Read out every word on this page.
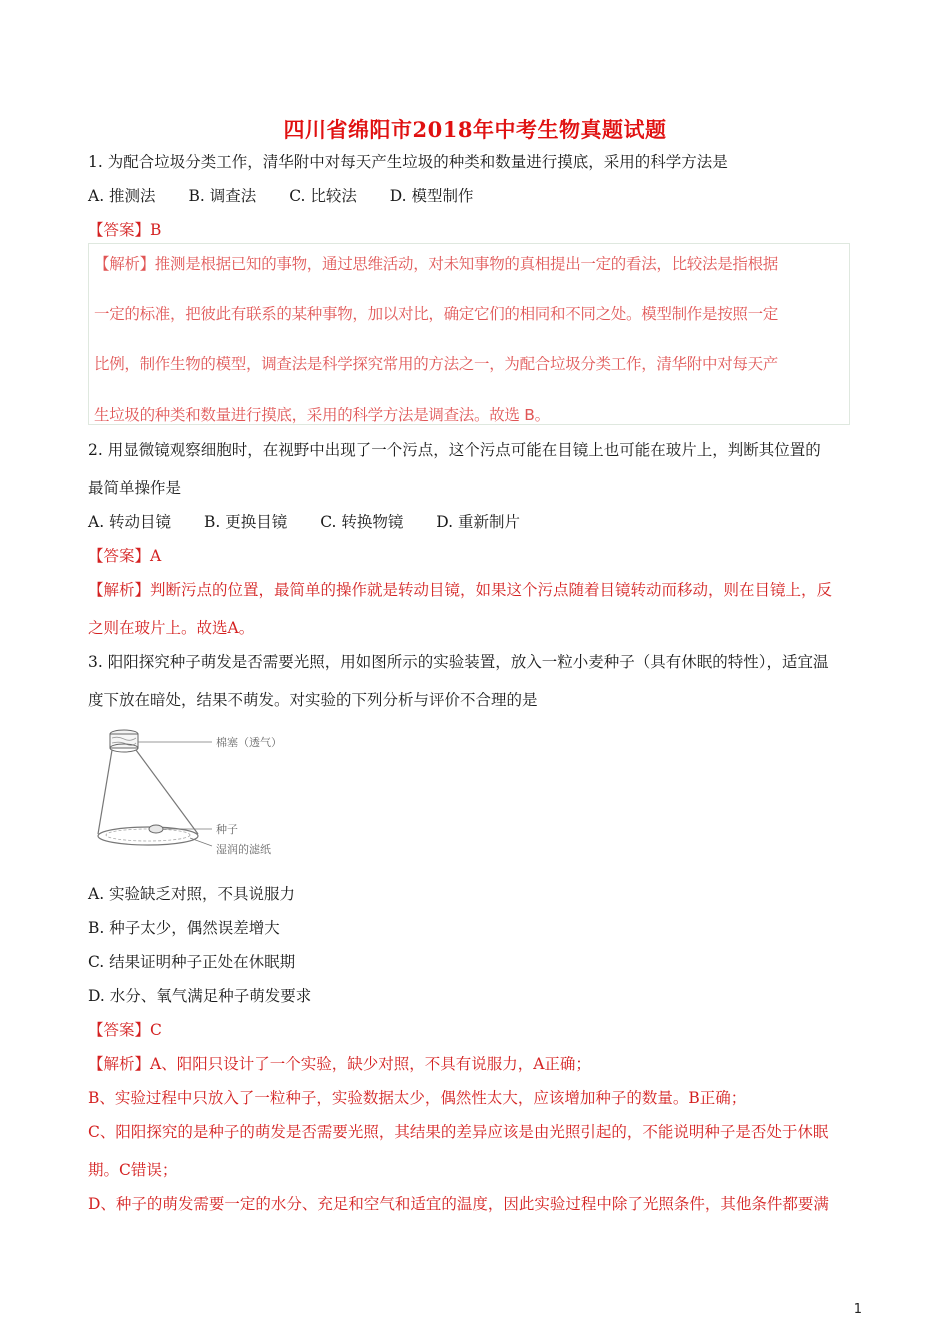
四川省绵阳市2018年中考生物真题试题
1. 为配合垃圾分类工作，清华附中对每天产生垃圾的种类和数量进行摸底，采用的科学方法是
A. 推测法 B. 调查法 C. 比较法 D. 模型制作
【答案】B
【解析】推测是根据已知的事物，通过思维活动，对未知事物的真相提出一定的看法，比较法是指根据
一定的标准，把彼此有联系的某种事物，加以对比，确定它们的相同和不同之处。模型制作是按照一定
比例，制作生物的模型，调查法是科学探究常用的方法之一，为配合垃圾分类工作，清华附中对每天产
生垃圾的种类和数量进行摸底，采用的科学方法是调查法。故选 B。
2. 用显微镜观察细胞时，在视野中出现了一个污点，这个污点可能在目镜上也可能在玻片上，判断其位置的
最简单操作是
A. 转动目镜 B. 更换目镜 C. 转换物镜 D. 重新制片
【答案】A
【解析】判断污点的位置，最简单的操作就是转动目镜，如果这个污点随着目镜转动而移动，则在目镜上，反
之则在玻片上。故选A。
3. 阳阳探究种子萌发是否需要光照，用如图所示的实验装置，放入一粒小麦种子（具有休眠的特性），适宜温
度下放在暗处，结果不萌发。对实验的下列分析与评价不合理的是
棉塞（透气）
种子
湿润的滤纸
A. 实验缺乏对照，不具说服力
B. 种子太少，偶然误差增大
C. 结果证明种子正处在休眠期
D. 水分、氧气满足种子萌发要求
【答案】C
【解析】A、阳阳只设计了一个实验，缺少对照，不具有说服力，A正确；
B、实验过程中只放入了一粒种子，实验数据太少，偶然性太大，应该增加种子的数量。B正确；
C、阳阳探究的是种子的萌发是否需要光照，其结果的差异应该是由光照引起的，不能说明种子是否处于休眠
期。C错误；
D、种子的萌发需要一定的水分、充足和空气和适宜的温度，因此实验过程中除了光照条件，其他条件都要满
1
